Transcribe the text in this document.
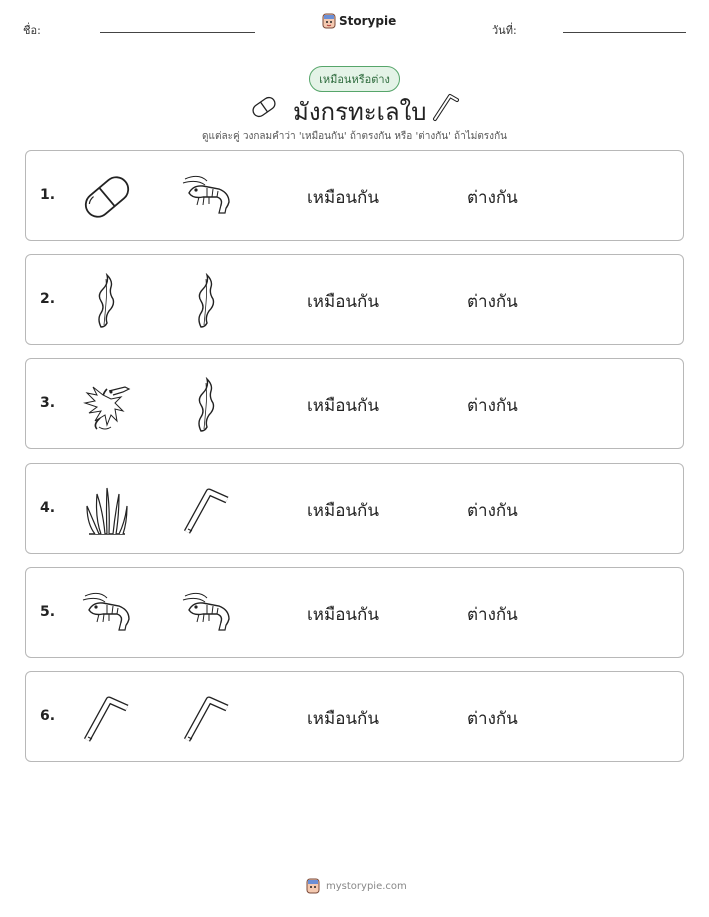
ชื่อ:
Storypie
วันที่:
เหมือนหรือต่าง
มังกรทะเลใบ
ดูแต่ละคู่ วงกลมคำว่า 'เหมือนกัน' ถ้าตรงกัน หรือ 'ต่างกัน' ถ้าไม่ตรงกัน
1.	เหมือนกัน	ต่างกัน
2.	เหมือนกัน	ต่างกัน
3.	เหมือนกัน	ต่างกัน
4.	เหมือนกัน	ต่างกัน
5.	เหมือนกัน	ต่างกัน
6.	เหมือนกัน	ต่างกัน
mystorypie.com
